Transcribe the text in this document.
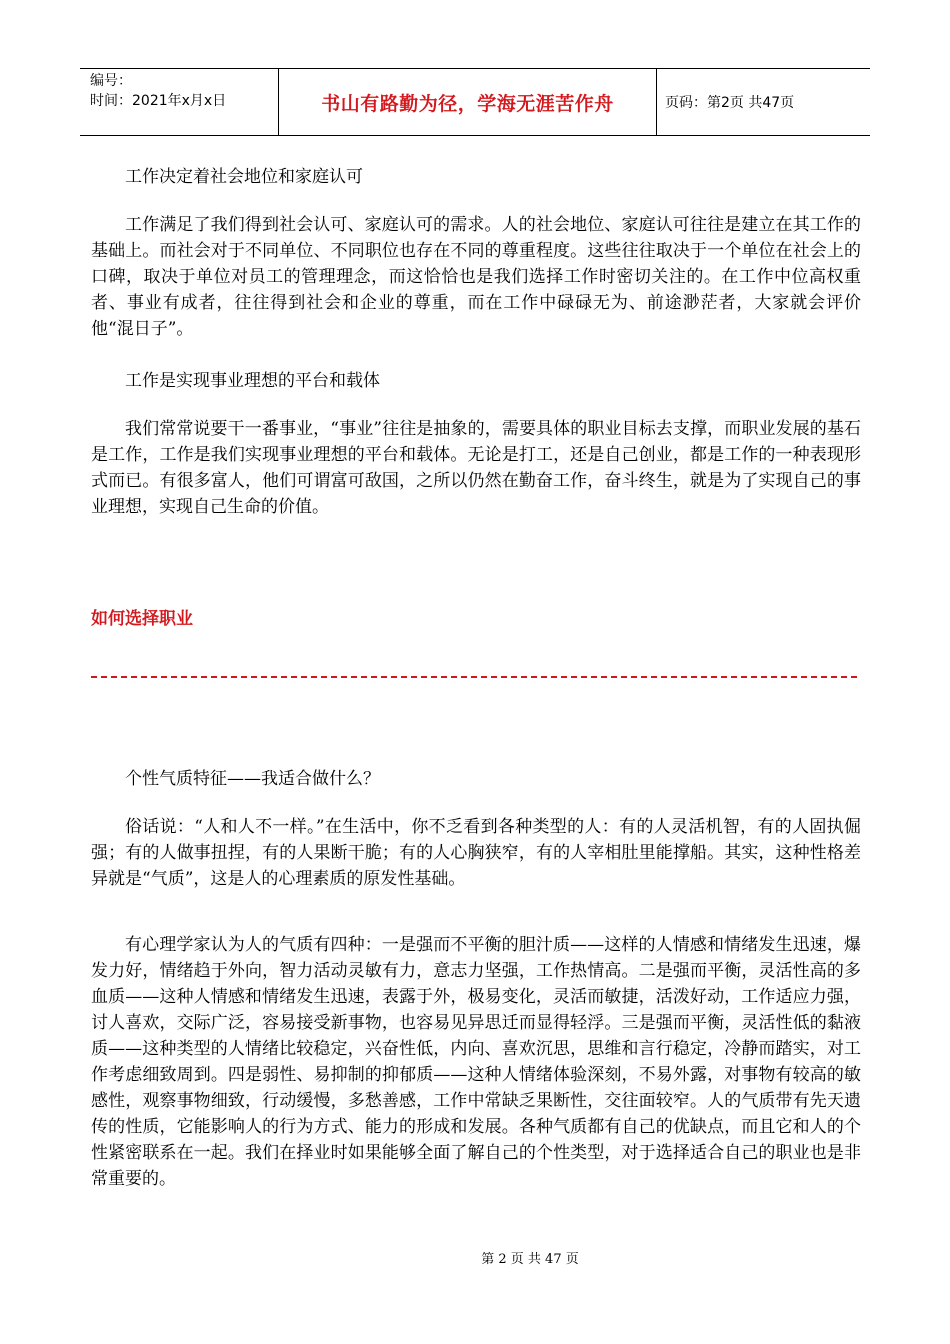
编号：
时间：2021年x月x日	书山有路勤为径，学海无涯苦作舟	页码：第2页 共47页

工作决定着社会地位和家庭认可

工作满足了我们得到社会认可、家庭认可的需求。人的社会地位、家庭认可往往是建立在其工作的基础上。而社会对于不同单位、不同职位也存在不同的尊重程度。这些往往取决于一个单位在社会上的口碑，取决于单位对员工的管理理念，而这恰恰也是我们选择工作时密切关注的。在工作中位高权重者、事业有成者，往往得到社会和企业的尊重，而在工作中碌碌无为、前途渺茫者，大家就会评价他“混日子”。

工作是实现事业理想的平台和载体

我们常常说要干一番事业，“事业”往往是抽象的，需要具体的职业目标去支撑，而职业发展的基石是工作，工作是我们实现事业理想的平台和载体。无论是打工，还是自己创业，都是工作的一种表现形式而已。有很多富人，他们可谓富可敌国，之所以仍然在勤奋工作，奋斗终生，就是为了实现自己的事业理想，实现自己生命的价值。

如何选择职业

个性气质特征——我适合做什么？

俗话说：“人和人不一样。”在生活中，你不乏看到各种类型的人：有的人灵活机智，有的人固执倔强；有的人做事扭捏，有的人果断干脆；有的人心胸狭窄，有的人宰相肚里能撑船。其实，这种性格差异就是“气质”，这是人的心理素质的原发性基础。

有心理学家认为人的气质有四种：一是强而不平衡的胆汁质——这样的人情感和情绪发生迅速，爆发力好，情绪趋于外向，智力活动灵敏有力，意志力坚强，工作热情高。二是强而平衡，灵活性高的多血质——这种人情感和情绪发生迅速，表露于外，极易变化，灵活而敏捷，活泼好动，工作适应力强，讨人喜欢，交际广泛，容易接受新事物，也容易见异思迁而显得轻浮。三是强而平衡，灵活性低的黏液质——这种类型的人情绪比较稳定，兴奋性低，内向、喜欢沉思，思维和言行稳定，冷静而踏实，对工作考虑细致周到。四是弱性、易抑制的抑郁质——这种人情绪体验深刻，不易外露，对事物有较高的敏感性，观察事物细致，行动缓慢，多愁善感，工作中常缺乏果断性，交往面较窄。人的气质带有先天遗传的性质，它能影响人的行为方式、能力的形成和发展。各种气质都有自己的优缺点，而且它和人的个性紧密联系在一起。我们在择业时如果能够全面了解自己的个性类型，对于选择适合自己的职业也是非常重要的。

第 2 页 共 47 页
